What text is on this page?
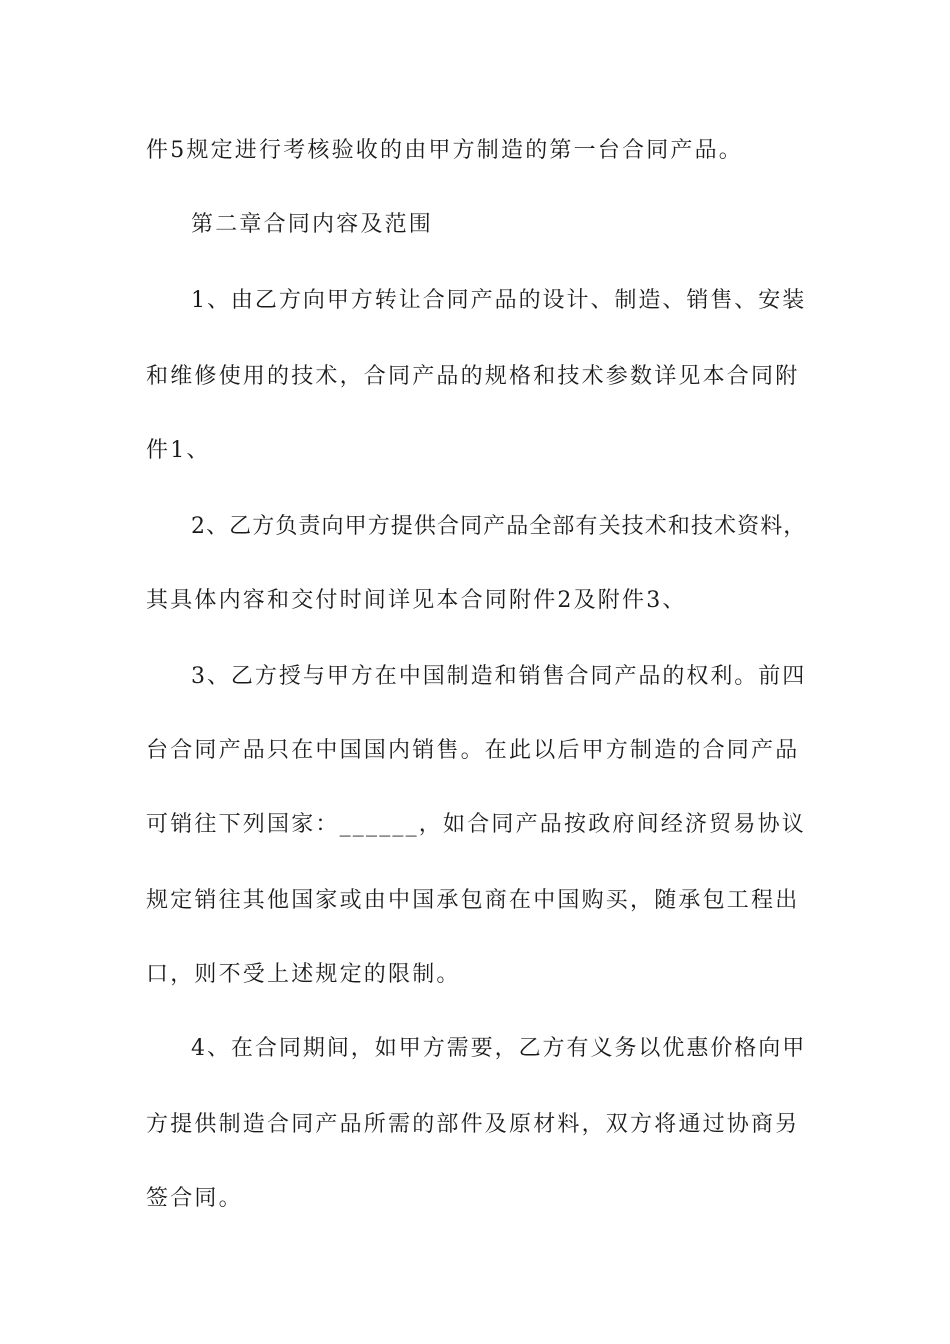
件5规定进行考核验收的由甲方制造的第一台合同产品。

第二章合同内容及范围

1、由乙方向甲方转让合同产品的设计、制造、销售、安装

和维修使用的技术，合同产品的规格和技术参数详见本合同附

件1、

2、乙方负责向甲方提供合同产品全部有关技术和技术资料，

其具体内容和交付时间详见本合同附件2及附件3、

3、乙方授与甲方在中国制造和销售合同产品的权利。前四

台合同产品只在中国国内销售。在此以后甲方制造的合同产品

可销往下列国家：______，如合同产品按政府间经济贸易协议

规定销往其他国家或由中国承包商在中国购买，随承包工程出

口，则不受上述规定的限制。

4、在合同期间，如甲方需要，乙方有义务以优惠价格向甲

方提供制造合同产品所需的部件及原材料，双方将通过协商另

签合同。
